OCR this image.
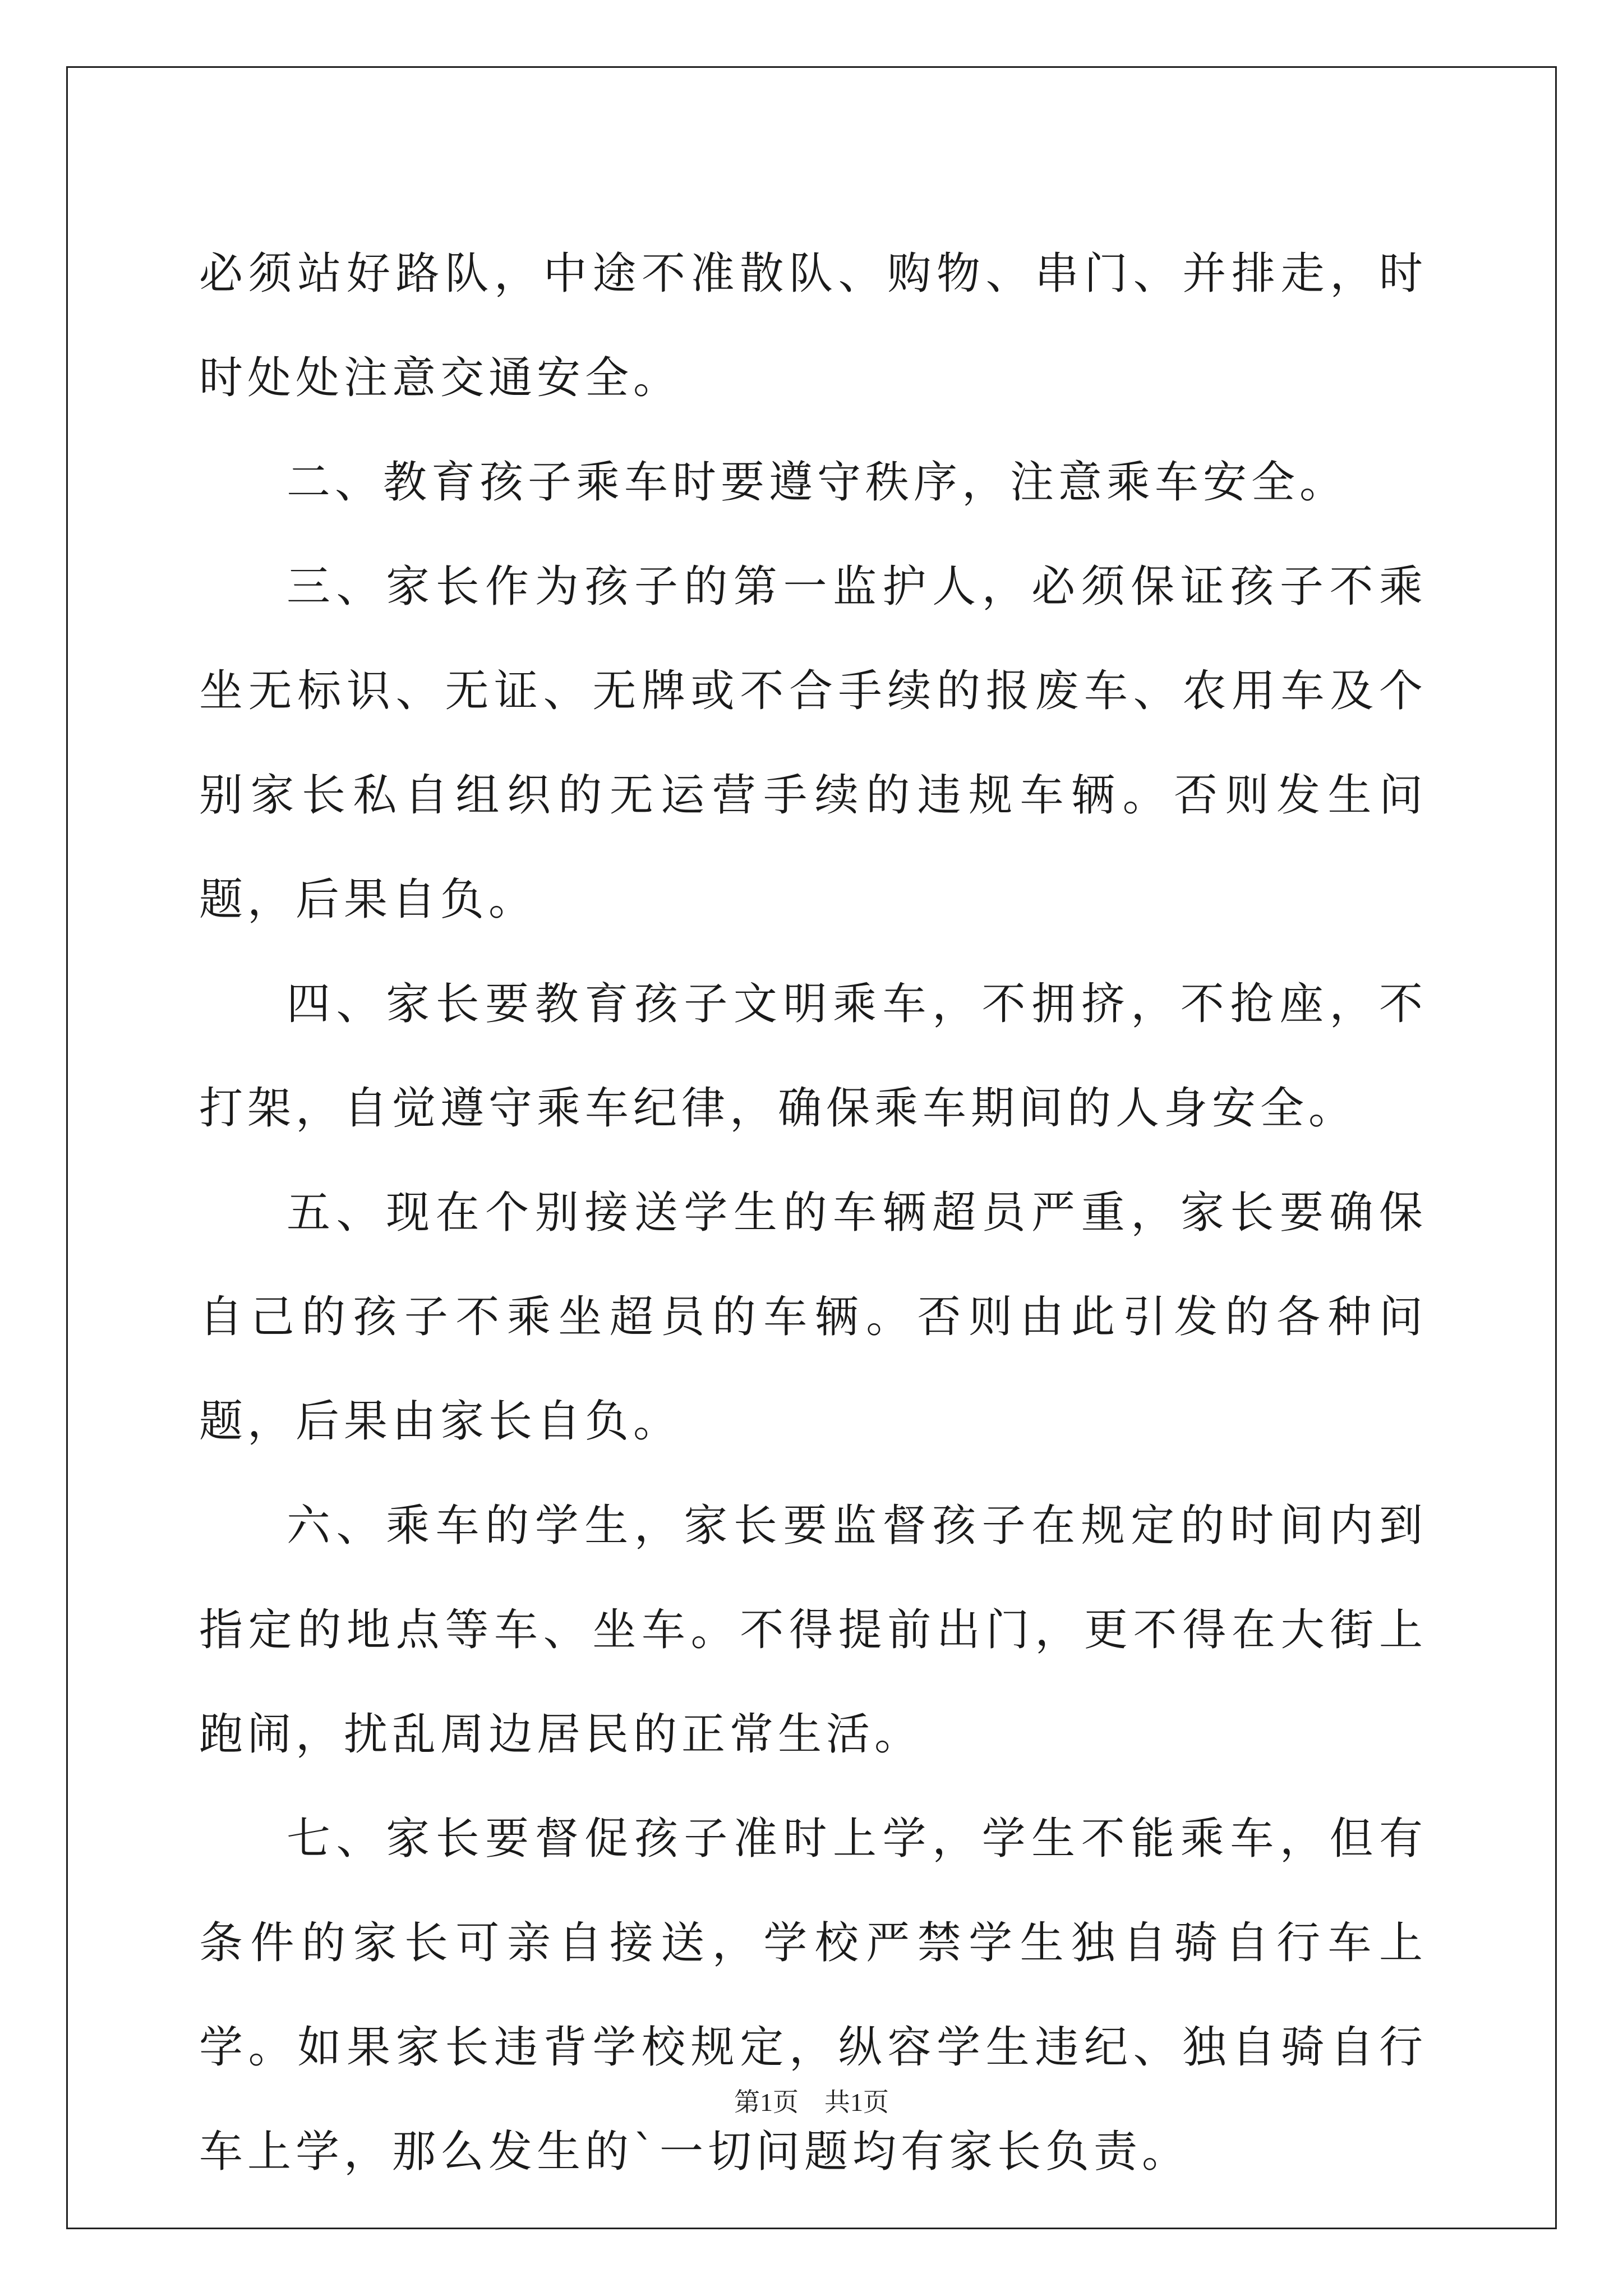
必须站好路队，中途不准散队、购物、串门、并排走，时时处处注意交通安全。

二、教育孩子乘车时要遵守秩序，注意乘车安全。

三、家长作为孩子的第一监护人，必须保证孩子不乘坐无标识、无证、无牌或不合手续的报废车、农用车及个别家长私自组织的无运营手续的违规车辆。否则发生问题，后果自负。

四、家长要教育孩子文明乘车，不拥挤，不抢座，不打架，自觉遵守乘车纪律，确保乘车期间的人身安全。

五、现在个别接送学生的车辆超员严重，家长要确保自己的孩子不乘坐超员的车辆。否则由此引发的各种问题，后果由家长自负。

六、乘车的学生，家长要监督孩子在规定的时间内到指定的地点等车、坐车。不得提前出门，更不得在大街上跑闹，扰乱周边居民的正常生活。

七、家长要督促孩子准时上学，学生不能乘车，但有条件的家长可亲自接送，学校严禁学生独自骑自行车上学。如果家长违背学校规定，纵容学生违纪、独自骑自行车上学，那么发生的`一切问题均有家长负责。

第1页 共1页
